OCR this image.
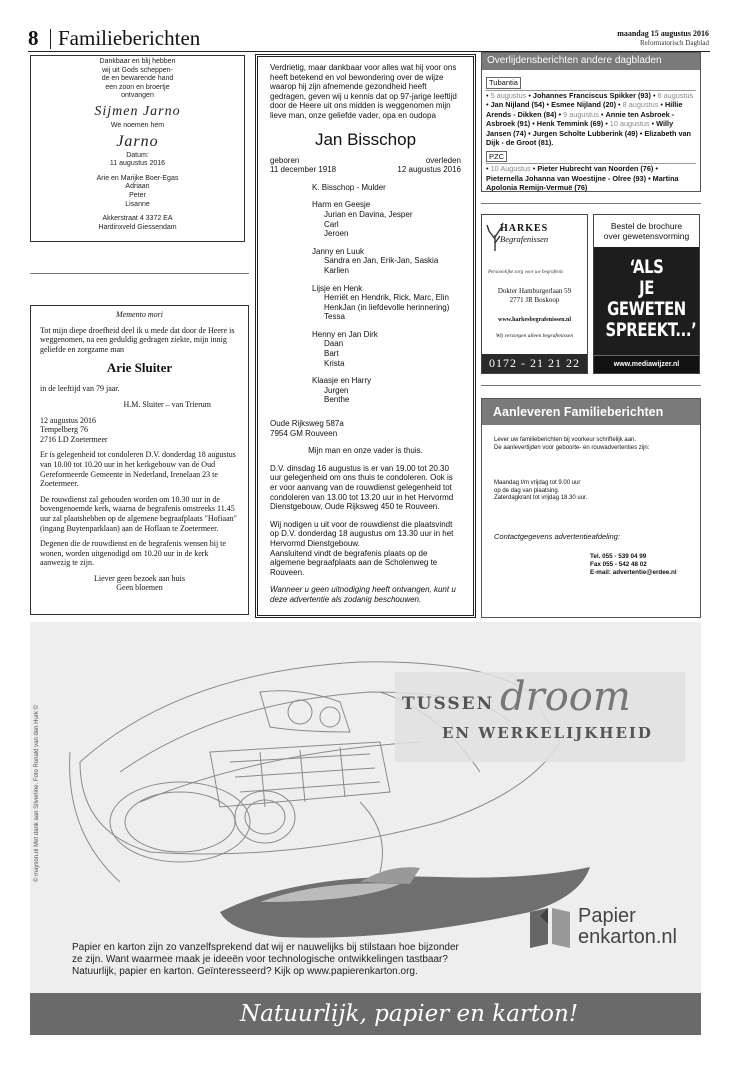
8 Familieberichten	maandag 15 augustus 2016
Reformatorisch Dagblad
Dankbaar en blij hebben
wij uit Gods scheppen-
de en bewarende hand
een zoon en broertje
ontvangen
Sijmen Jarno
We noemen hem
Jarno
Datum:
11 augustus 2016
Arie en Marijke Boer-Egas
Adriaan
Peter
Lisanne
Akkerstraat 4 3372 EA
Hardinxveld Giessendam
Memento mori

Tot mijn diepe droefheid deel ik u mede dat door de Heere is weggenomen, na een geduldig gedragen ziekte, mijn innig geliefde en zorgzame man

Arie Sluiter

in de leeftijd van 79 jaar.

H.M. Sluiter – van Trierum

12 augustus 2016
Tempelberg 76
2716 LD Zoetermeer

Er is gelegenheid tot condoleren D.V. donderdag 18 augustus van 10.00 tot 10.20 uur in het kerkgebouw van de Oud Gereformeerde Gemeente in Nederland, Irenelaan 23 te Zoetermeer.

De rouwdienst zal gehouden worden om 10.30 uur in de bovengenoemde kerk, waarna de begrafenis omstreeks 11.45 uur zal plaatshebben op de algemene begraafplaats "Hofiaan" (ingang Buytenparklaan) aan de Hoflaan te Zoetermeer.

Degenen die de rouwdienst en de begrafenis wensen bij te wonen, worden uitgenodigd om 10.20 uur in de kerk aanwezig te zijn.

Liever geen bezoek aan huis
Geen bloemen
Verdrietig, maar dankbaar voor alles wat hij voor ons heeft betekend en vol bewondering over de wijze waarop hij zijn afnemende gezondheid heeft gedragen, geven wij u kennis dat op 97-jarige leeftijd door de Heere uit ons midden is weggenomen mijn lieve man, onze geliefde vader, opa en oudopa
Jan Bisschop
geboren	overleden
11 december 1918	12 augustus 2016
K. Bisschop - Mulder
Harm en Geesje
Jurian en Davina, Jesper
Carl
Jeroen
Janny en Luuk
Sandra en Jan, Erik-Jan, Saskia
Karlien
Lijsje en Henk
Herriët en Hendrik, Rick, Marc, Elin
HenkJan (in liefdevolle herinnering)
Tessa
Henny en Jan Dirk
Daan
Bart
Krista
Klaasje en Harry
Jurgen
Benthe
Oude Rijksweg 587a
7954 GM Rouveen
Mijn man en onze vader is thuis.

D.V. dinsdag 16 augustus is er van 19.00 tot 20.30 uur gelegenheid om ons thuis te condoleren. Ook is er voor aanvang van de rouwdienst gelegenheid tot condoleren van 13.00 tot 13.20 uur in het Hervormd Dienstgebouw, Oude Rijksweg 450 te Rouveen.

Wij nodigen u uit voor de rouwdienst die plaatsvindt op D.V. donderdag 18 augustus om 13.30 uur in het Hervormd Dienstgebouw.

Aansluitend vindt de begrafenis plaats op de algemene begraafplaats aan de Scholenweg te Rouveen.

Wanneer u geen uitnodiging heeft ontvangen, kunt u deze advertentie als zodanig beschouwen.

Overlijdensberichten andere dagbladen
Tubantia
• 5 augustus • Johannes Franciscus Spikker (93) • 6 augustus • Jan Nijland (54) • Esmee Nijland (20) • 8 augustus • Hillie Arends - Dikken (84) • 9 augustus • Annie ten Asbroek - Asbroek (91) • Henk Temmink (69) • 10 augustus • Willy Jansen (74) • Jurgen Scholte Lubberink (49) • Elizabeth van Dijk - de Groot (81).
PZC
• 10 Augustus • Pieter Hubrecht van Noorden (76) • Pieternella Johanna van Woestijne - Olree (93) • Martina Apolonia Remijn-Vermuë (76)
HARKES
Begrafenissen
Persoonlijke zorg voor uw begrafenis
Dokter Hamburgerlaan 59
2771 JR Boskoop
www.harkesbegrafenissen.nl
Wij verzorgen alleen begrafenissen
0172 - 21 21 22
Bestel de brochure
over gewetensvorming
‘ALS
JE
GEWETEN
SPREEKT...’
www.mediawijzer.nl
Aanleveren Familieberichten
Lever uw familieberichten bij voorkeur schriftelijk aan.
De aanlevertijden voor geboorte- en rouwadvertenties zijn:
Maandag t/m vrijdag tot 9.00 uur
op de dag van plaatsing.
Zaterdagkrant tot vrijdag 18.30 uur.
Contactgegevens advertentieafdeling:
Tel. 055 - 539 04 99
Fax 055 - 542 48 02
E-mail: advertentie@erdee.nl
TUSSEN droom
EN WERKELIJKHEID
© mayson.nl Met dank aan Silverline. Foto Ronald van den Hurk ©
Papier en karton zijn zo vanzelfsprekend dat wij er nauwelijks bij stilstaan hoe bijzonder
ze zijn. Want waarmee maak je ideeën voor technologische ontwikkelingen tastbaar?
Natuurlijk, papier en karton. Geïnteresseerd? Kijk op www.papierenkarton.org.
Papier
enkarton.nl
Natuurlijk, papier en karton!
